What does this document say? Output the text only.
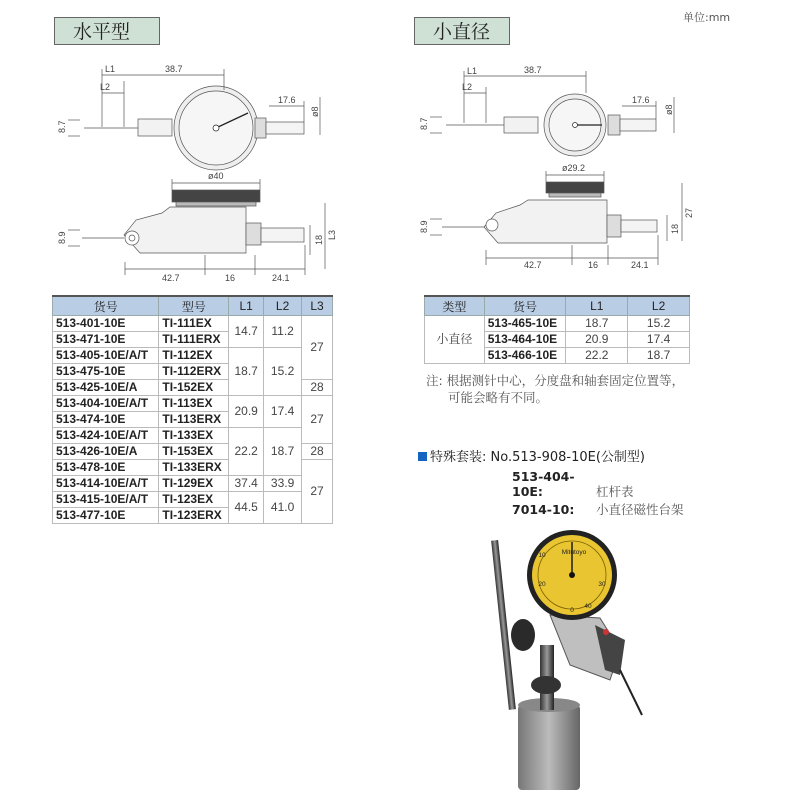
水平型	小直径
单位:mm
L1
L2
38.7
17.6
ø8
8.7
ø40
8.9	L3
18
42.7	16	24.1
L1
L2
38.7
17.6
ø8
8.7
ø29.2
8.9
27
18
42.7	16	24.1
货号	型号	L1	L2	L3
513-401-10E	TI-111EX	14.7	11.2	27
513-471-10E	TI-111ERX			
513-405-10E/A/T	TI-112EX	18.7	15.2	
513-475-10E	TI-112ERX			
513-425-10E/A	TI-152EX			28
513-404-10E/A/T	TI-113EX	20.9	17.4	27
513-474-10E	TI-113ERX			
513-424-10E/A/T	TI-133EX	22.2	18.7	
513-426-10E/A	TI-153EX			28
513-478-10E	TI-133ERX			27
513-414-10E/A/T	TI-129EX	37.4	33.9	
513-415-10E/A/T	TI-123EX	44.5	41.0	
513-477-10E	TI-123ERX			
类型	货号	L1	L2
小直径	513-465-10E	18.7	15.2
	513-464-10E	20.9	17.4
	513-466-10E	22.2	18.7
注: 根据测针中心，分度盘和轴套固定位置等，
可能会略有不同。
特殊套装: No.513-908-10E(公制型)
513-404-10E:	杠杆表
7014-10: 小直径磁性台架
Mitutoyo
10
20	30
40
0
